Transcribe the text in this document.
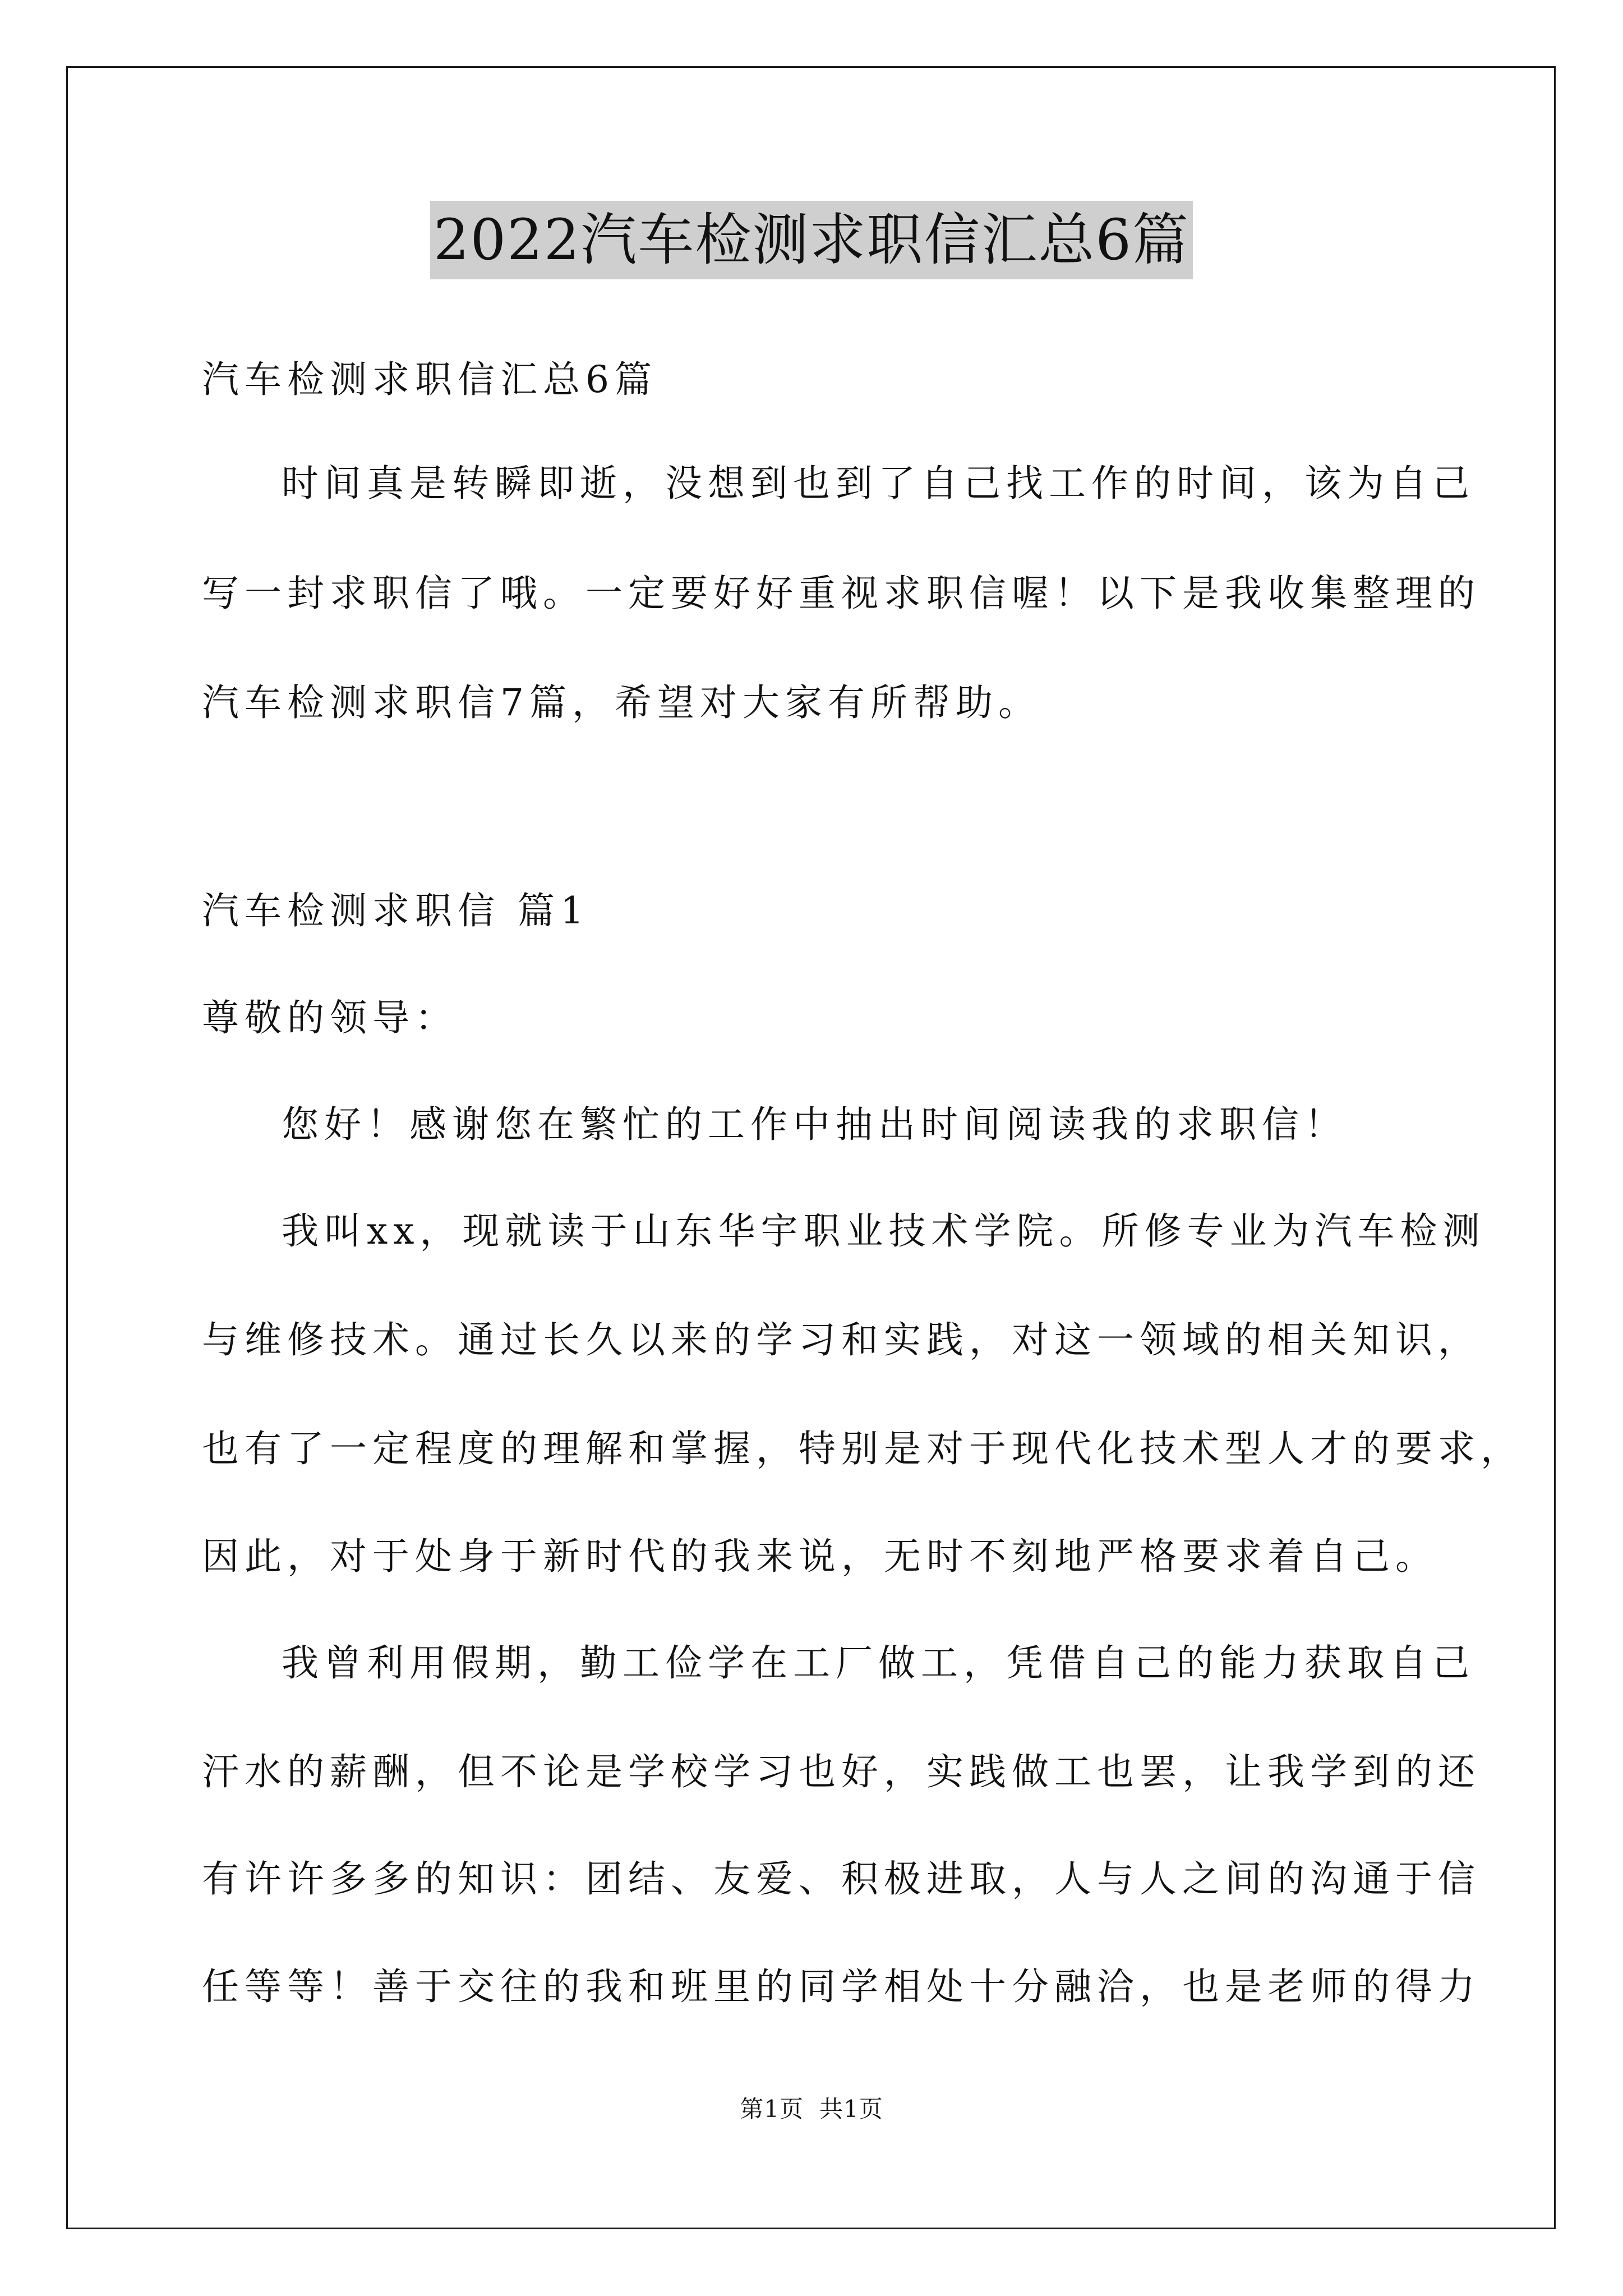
2022汽车检测求职信汇总6篇
汽车检测求职信汇总6篇
时间真是转瞬即逝，没想到也到了自己找工作的时间，该为自己
写一封求职信了哦。一定要好好重视求职信喔！以下是我收集整理的
汽车检测求职信7篇，希望对大家有所帮助。
汽车检测求职信 篇1
尊敬的领导：
您好！感谢您在繁忙的工作中抽出时间阅读我的求职信！
我叫xx，现就读于山东华宇职业技术学院。所修专业为汽车检测
与维修技术。通过长久以来的学习和实践，对这一领域的相关知识，
也有了一定程度的理解和掌握，特别是对于现代化技术型人才的要求，
因此，对于处身于新时代的我来说，无时不刻地严格要求着自己。
我曾利用假期，勤工俭学在工厂做工，凭借自己的能力获取自己
汗水的薪酬，但不论是学校学习也好，实践做工也罢，让我学到的还
有许许多多的知识：团结、友爱、积极进取，人与人之间的沟通于信
任等等！善于交往的我和班里的同学相处十分融洽，也是老师的得力
第1页 共1页
